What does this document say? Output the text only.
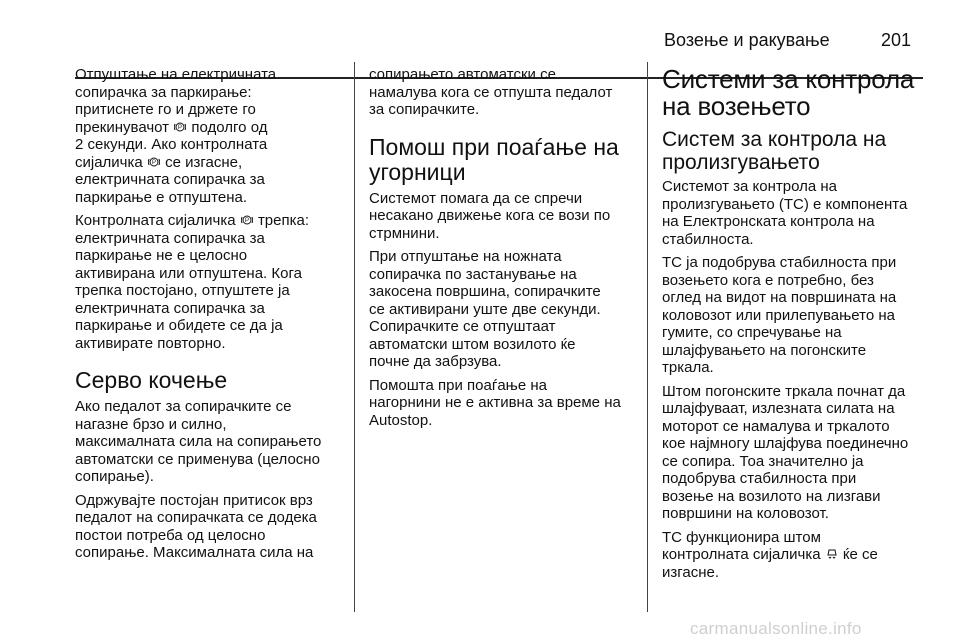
Возење и ракување	201

Отпуштање на електричната
сопирачка за паркирање:
притиснете го и држете го
прекинувачот P подолго од
2 секунди. Ако контролната
сијаличка P се изгасне,
електричната сопирачка за
паркирање е отпуштена.

Контролната сијаличка P трепка:
електричната сопирачка за
паркирање не е целосно
активирана или отпуштена. Кога
трепка постојано, отпуштете ја
електричната сопирачка за
паркирање и обидете се да ја
активирате повторно.

Серво кочење

Ако педалот за сопирачките се
нагазне брзо и силно,
максималната сила на сопирањето
автоматски се применува (целосно
сопирање).

Одржувајте постојан притисок врз
педалот на сопирачката се додека
постои потреба од целосно
сопирање. Максималната сила на

сопирањето автоматски се
намалува кога се отпушта педалот
за сопирачките.

Помош при поаѓање на
угорници

Системот помага да се спречи
несакано движење кога се вози по
стрмнини.

При отпуштање на ножната
сопирачка по застанување на
закосена површина, сопирачките
се активирани уште две секунди.
Сопирачките се отпуштаат
автоматски штом возилото ќе
почне да забрзува.

Помошта при поаѓање на
нагорнини не е активна за време на
Autostop.

Системи за контрола
на возењето
Систем за контрола на
пролизгувањето

Системот за контрола на
пролизгувањето (TC) е компонента
на Електронската контрола на
стабилноста.

TC ја подобрува стабилноста при
возењето кога е потребно, без
оглед на видот на површината на
коловозот или прилепувањето на
гумите, со спречување на
шлајфувањето на погонските
тркала.

Штом погонските тркала почнат да
шлајфуваат, излезната силата на
моторот се намалува и тркалото
кое најмногу шлајфува поединечно
се сопира. Тоа значително ја
подобрува стабилноста при
возење на возилото на лизгави
површини на коловозот.

TC функционира штом
контролната сијаличка ќе се
изгасне.

carmanualsonline.info
